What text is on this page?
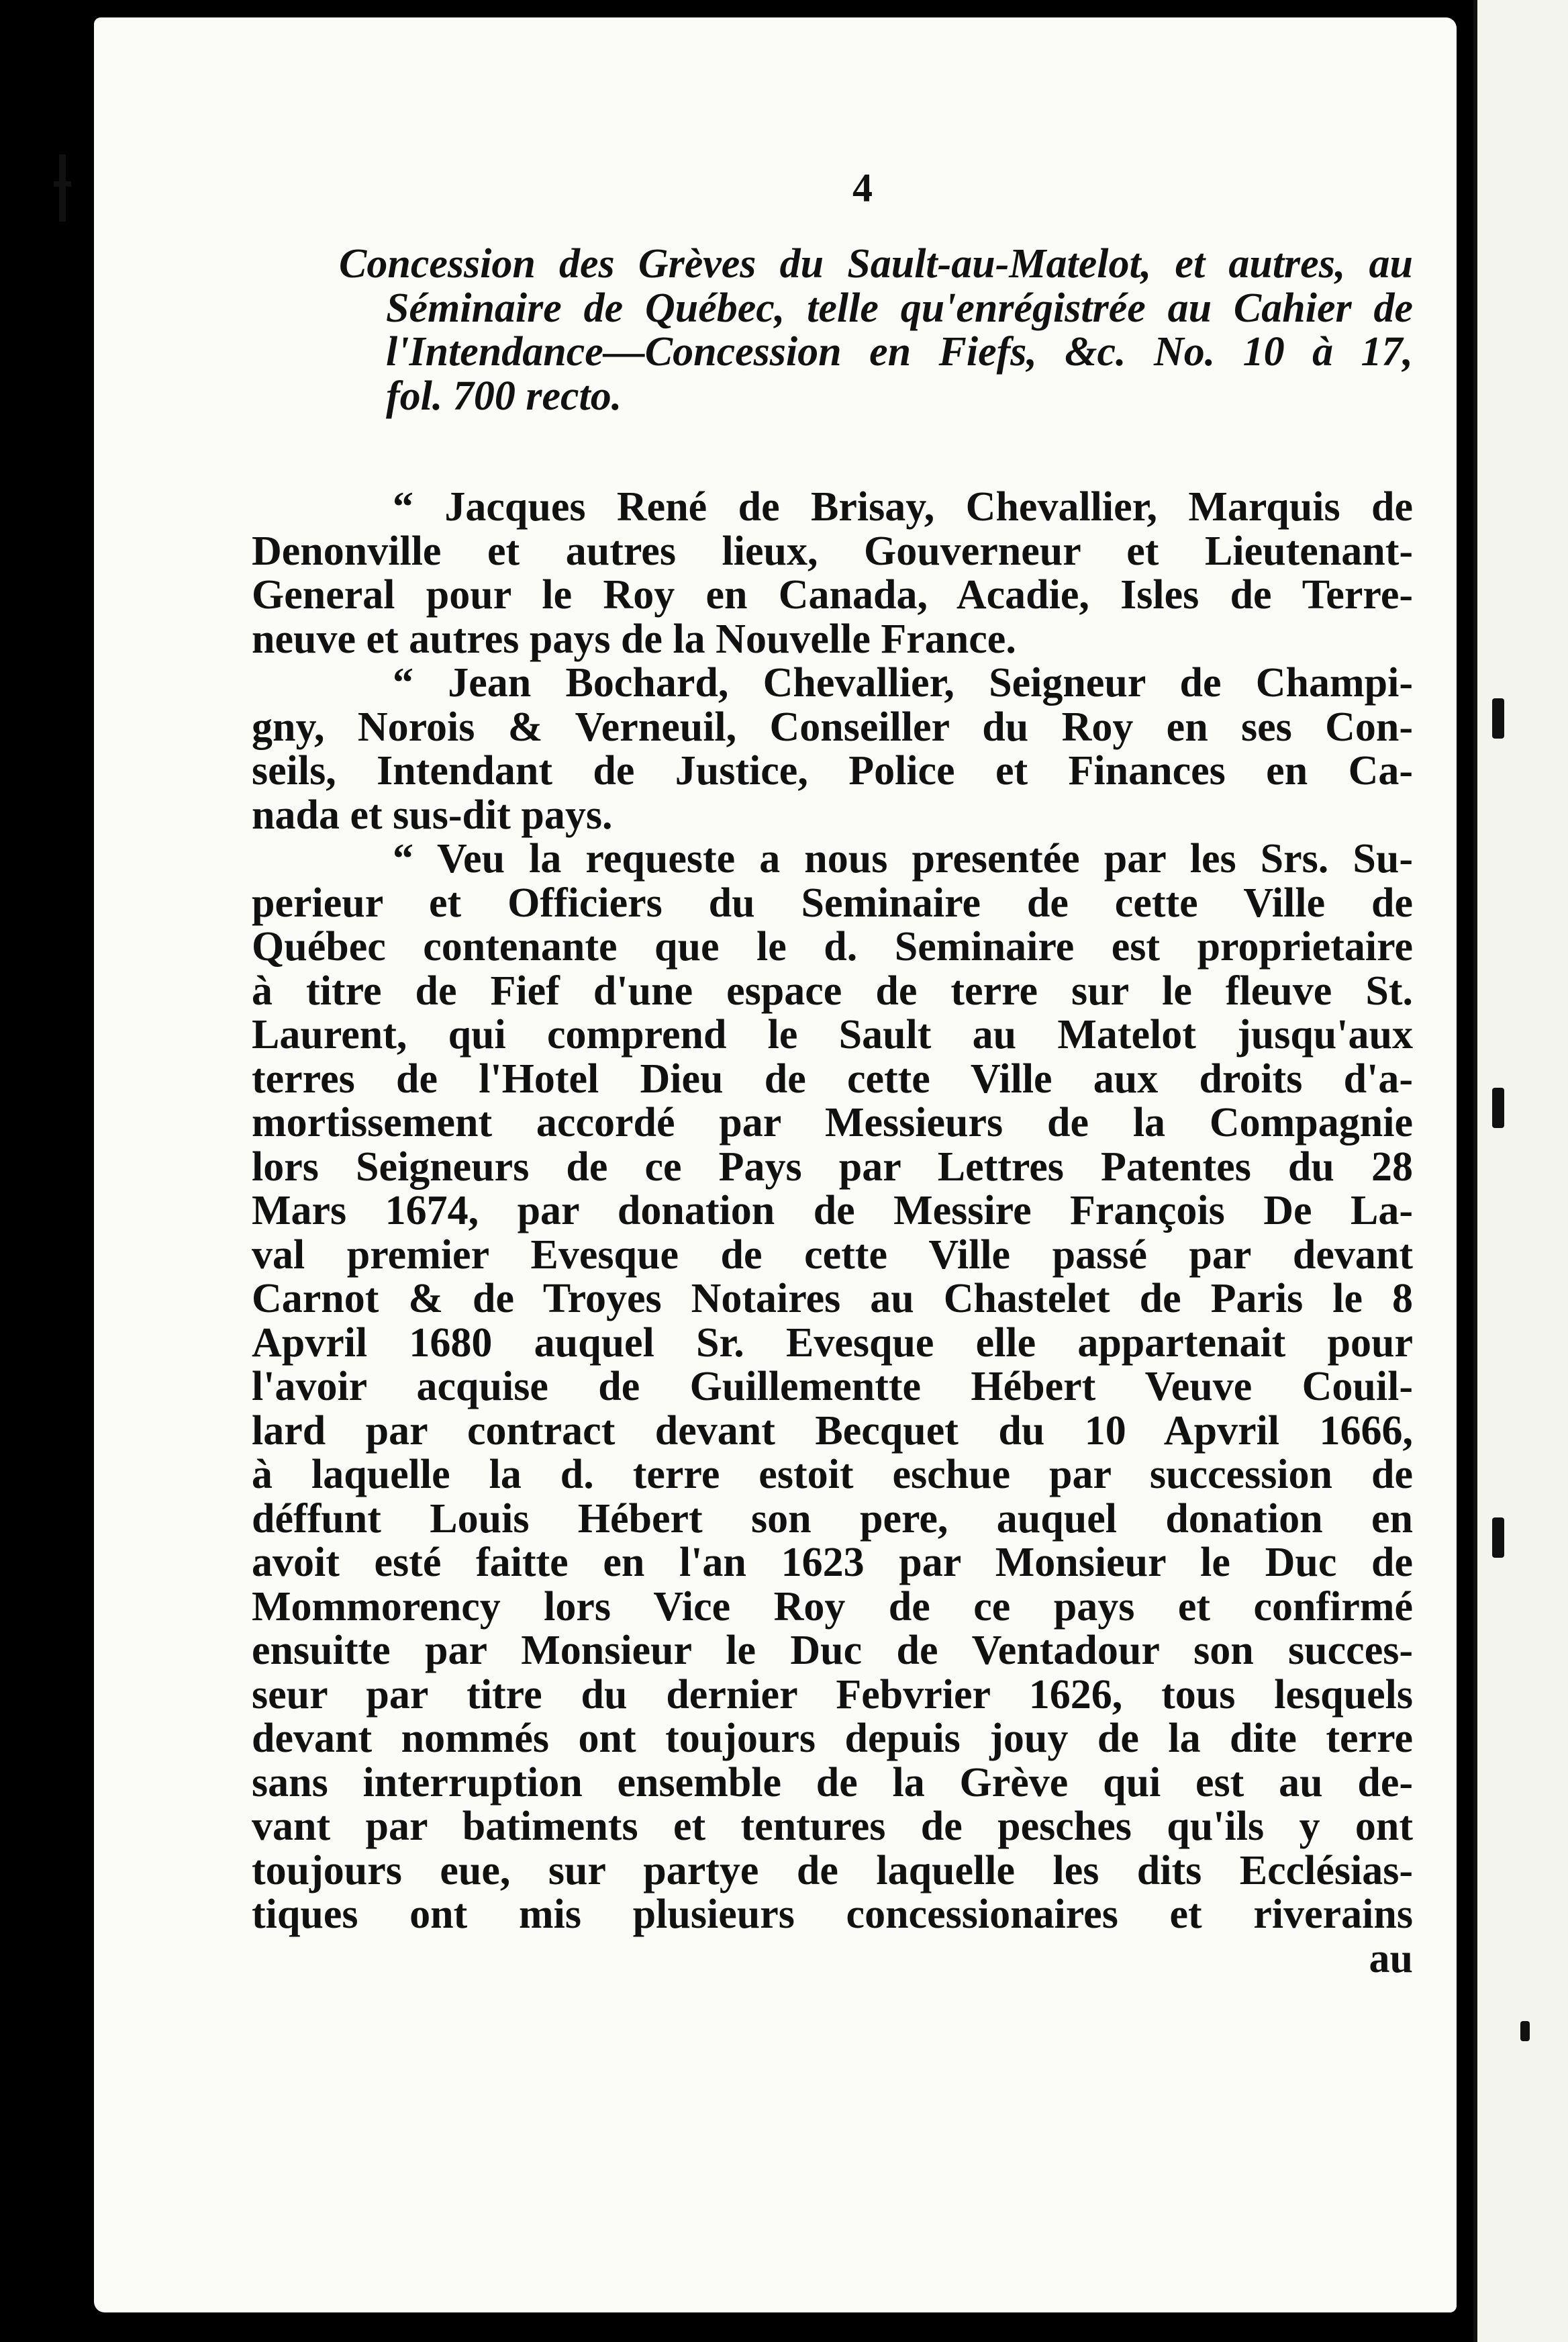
4
Concession des Grèves du Sault-au-Matelot, et autres, au
Séminaire de Québec, telle qu'enrégistrée au Cahier de
l'Intendance—Concession en Fiefs, &c. No. 10 à 17,
fol. 700 recto.
“ Jacques René de Brisay, Chevallier, Marquis de
Denonville et autres lieux, Gouverneur et Lieutenant-
General pour le Roy en Canada, Acadie, Isles de Terre-
neuve et autres pays de la Nouvelle France.
“ Jean Bochard, Chevallier, Seigneur de Champi-
gny, Norois & Verneuil, Conseiller du Roy en ses Con-
seils, Intendant de Justice, Police et Finances en Ca-
nada et sus-dit pays.
“ Veu la requeste a nous presentée par les Srs. Su-
perieur et Officiers du Seminaire de cette Ville de
Québec contenante que le d. Seminaire est proprietaire
à titre de Fief d'une espace de terre sur le fleuve St.
Laurent, qui comprend le Sault au Matelot jusqu'aux
terres de l'Hotel Dieu de cette Ville aux droits d'a-
mortissement accordé par Messieurs de la Compagnie
lors Seigneurs de ce Pays par Lettres Patentes du 28
Mars 1674, par donation de Messire François De La-
val premier Evesque de cette Ville passé par devant
Carnot & de Troyes Notaires au Chastelet de Paris le 8
Apvril 1680 auquel Sr. Evesque elle appartenait pour
l'avoir acquise de Guillementte Hébert Veuve Couil-
lard par contract devant Becquet du 10 Apvril 1666,
à laquelle la d. terre estoit eschue par succession de
déffunt Louis Hébert son pere, auquel donation en
avoit esté faitte en l'an 1623 par Monsieur le Duc de
Mommorency lors Vice Roy de ce pays et confirmé
ensuitte par Monsieur le Duc de Ventadour son succes-
seur par titre du dernier Febvrier 1626, tous lesquels
devant nommés ont toujours depuis jouy de la dite terre
sans interruption ensemble de la Grève qui est au de-
vant par batiments et tentures de pesches qu'ils y ont
toujours eue, sur partye de laquelle les dits Ecclésias-
tiques ont mis plusieurs concessionaires et riverains
au
